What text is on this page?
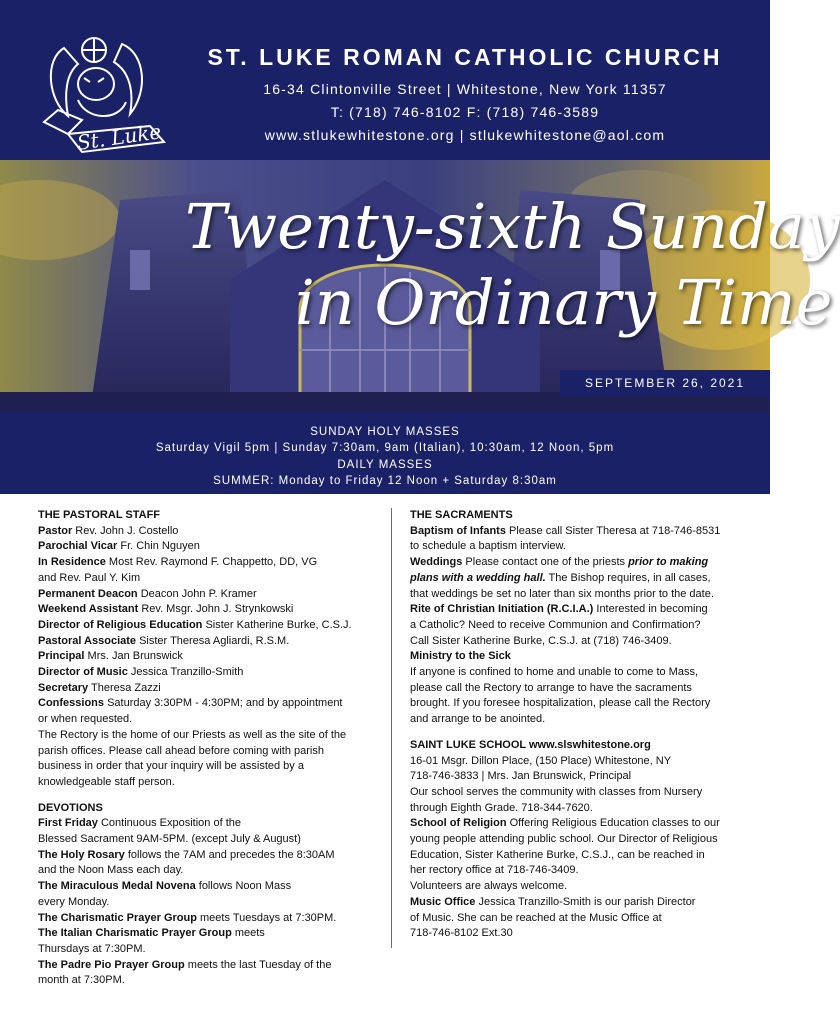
St. Luke
ST. LUKE ROMAN CATHOLIC CHURCH
16-34 Clintonville Street | Whitestone, New York 11357
T: (718) 746-8102 F: (718) 746-3589
www.stlukewhitestone.org | stlukewhitestone@aol.com
Twenty-sixth Sunday
in Ordinary Time
SEPTEMBER 26, 2021
SUNDAY HOLY MASSES
Saturday Vigil 5pm | Sunday 7:30am, 9am (Italian), 10:30am, 12 Noon, 5pm
DAILY MASSES
SUMMER: Monday to Friday 12 Noon + Saturday 8:30am
THE PASTORAL STAFF
Pastor Rev. John J. Costello
Parochial Vicar Fr. Chin Nguyen
In Residence Most Rev. Raymond F. Chappetto, DD, VG
and Rev. Paul Y. Kim
Permanent Deacon Deacon John P. Kramer
Weekend Assistant Rev. Msgr. John J. Strynkowski
Director of Religious Education Sister Katherine Burke, C.S.J.
Pastoral Associate Sister Theresa Agliardi, R.S.M.
Principal Mrs. Jan Brunswick
Director of Music Jessica Tranzillo-Smith
Secretary Theresa Zazzi
Confessions Saturday 3:30PM - 4:30PM; and by appointment
or when requested.
The Rectory is the home of our Priests as well as the site of the
parish offices. Please call ahead before coming with parish
business in order that your inquiry will be assisted by a
knowledgeable staff person.
DEVOTIONS
First Friday Continuous Exposition of the
Blessed Sacrament 9AM-5PM. (except July & August)
The Holy Rosary follows the 7AM and precedes the 8:30AM
and the Noon Mass each day.
The Miraculous Medal Novena follows Noon Mass
every Monday.
The Charismatic Prayer Group meets Tuesdays at 7:30PM.
The Italian Charismatic Prayer Group meets
Thursdays at 7:30PM.
The Padre Pio Prayer Group meets the last Tuesday of the
month at 7:30PM.
THE SACRAMENTS
Baptism of Infants Please call Sister Theresa at 718-746-8531
to schedule a baptism interview.
Weddings Please contact one of the priests prior to making
plans with a wedding hall. The Bishop requires, in all cases,
that weddings be set no later than six months prior to the date.
Rite of Christian Initiation (R.C.I.A.) Interested in becoming
a Catholic? Need to receive Communion and Confirmation?
Call Sister Katherine Burke, C.S.J. at (718) 746-3409.
Ministry to the Sick
If anyone is confined to home and unable to come to Mass,
please call the Rectory to arrange to have the sacraments
brought. If you foresee hospitalization, please call the Rectory
and arrange to be anointed.
SAINT LUKE SCHOOL www.slswhitestone.org
16-01 Msgr. Dillon Place, (150 Place) Whitestone, NY
718-746-3833 | Mrs. Jan Brunswick, Principal
Our school serves the community with classes from Nursery
through Eighth Grade. 718-344-7620.
School of Religion Offering Religious Education classes to our
young people attending public school. Our Director of Religious
Education, Sister Katherine Burke, C.S.J., can be reached in
her rectory office at 718-746-3409.
Volunteers are always welcome.
Music Office Jessica Tranzillo-Smith is our parish Director
of Music. She can be reached at the Music Office at
718-746-8102 Ext.30
